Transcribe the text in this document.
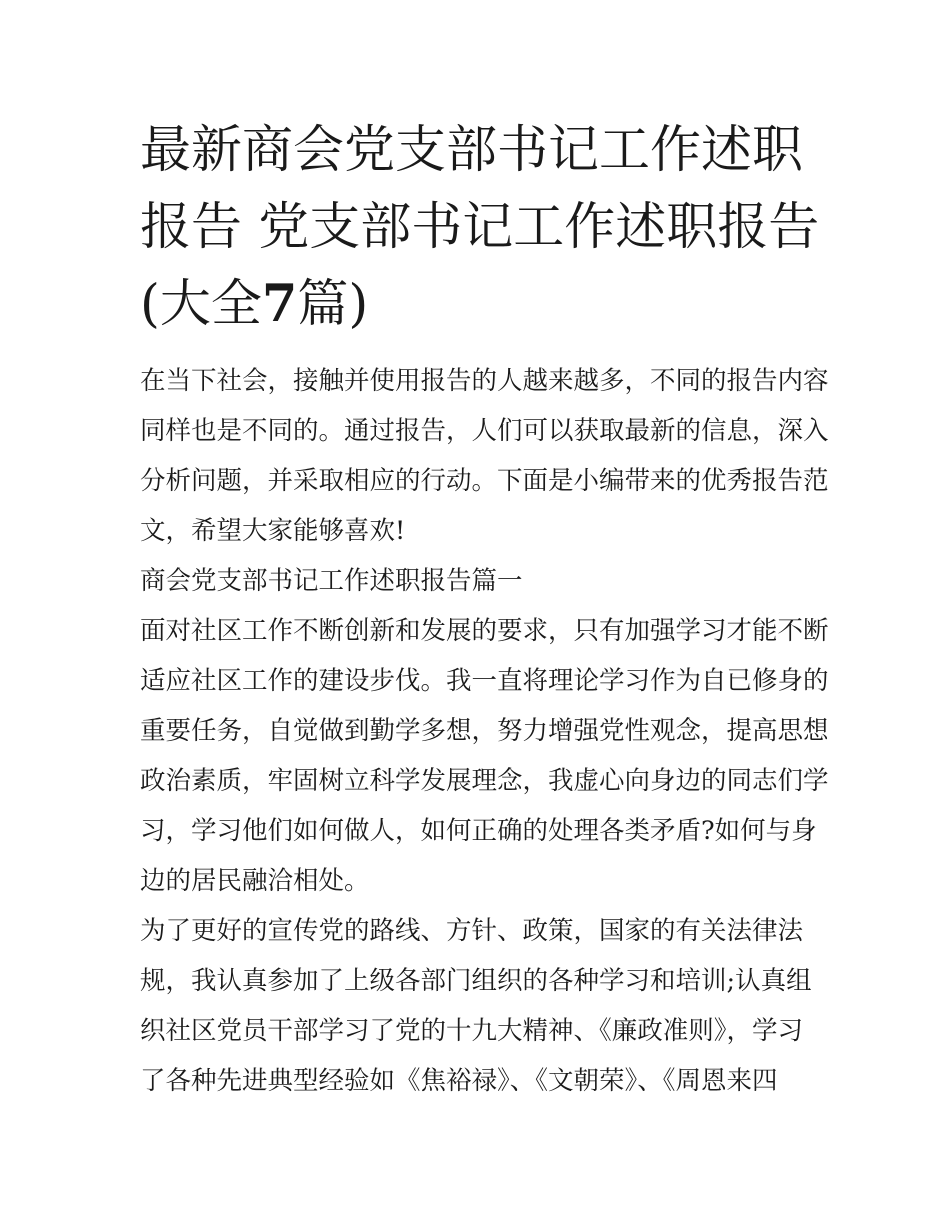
最新商会党支部书记工作述职
报告 党支部书记工作述职报告
(大全7篇)
在当下社会，接触并使用报告的人越来越多，不同的报告内容
同样也是不同的。通过报告，人们可以获取最新的信息，深入
分析问题，并采取相应的行动。下面是小编带来的优秀报告范
文，希望大家能够喜欢!
商会党支部书记工作述职报告篇一
面对社区工作不断创新和发展的要求，只有加强学习才能不断
适应社区工作的建设步伐。我一直将理论学习作为自已修身的
重要任务，自觉做到勤学多想，努力增强党性观念，提高思想
政治素质，牢固树立科学发展理念，我虚心向身边的同志们学
习，学习他们如何做人，如何正确的处理各类矛盾?如何与身
边的居民融洽相处。
为了更好的宣传党的路线、方针、政策，国家的有关法律法
规，我认真参加了上级各部门组织的各种学习和培训;认真组
织社区党员干部学习了党的十九大精神、《廉政准则》，学习
了各种先进典型经验如《焦裕禄》、《文朝荣》、《周恩来四
